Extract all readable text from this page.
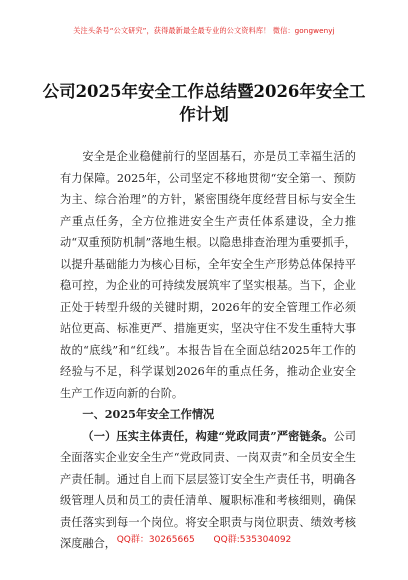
关注头条号“公文研究”，获得最新最全最专业的公文资料库！ 微信：gongwenyj
公司2025年安全工作总结暨2026年安全工作计划

安全是企业稳健前行的坚固基石，亦是员工幸福生活的有力保障。2025年，公司坚定不移地贯彻“安全第一、预防为主、综合治理”的方针，紧密围绕年度经营目标与安全生产重点任务，全方位推进安全生产责任体系建设，全力推动“双重预防机制”落地生根。以隐患排查治理为重要抓手，以提升基础能力为核心目标，全年安全生产形势总体保持平稳可控，为企业的可持续发展筑牢了坚实根基。当下，企业正处于转型升级的关键时期，2026年的安全管理工作必须站位更高、标准更严、措施更实，坚决守住不发生重特大事故的“底线”和“红线”。本报告旨在全面总结2025年工作的经验与不足，科学谋划2026年的重点任务，推动企业安全生产工作迈向新的台阶。

一、2025年安全工作情况

（一）压实主体责任，构建“党政同责”严密链条。公司全面落实企业安全生产“党政同责、一岗双责”和全员安全生产责任制。通过自上而下层层签订安全生产责任书，明确各级管理人员和员工的责任清单、履职标准和考核细则，确保责任落实到每一个岗位。将安全职责与岗位职责、绩效考核深度融合， QQ群：30265665 QQ群:535304092
